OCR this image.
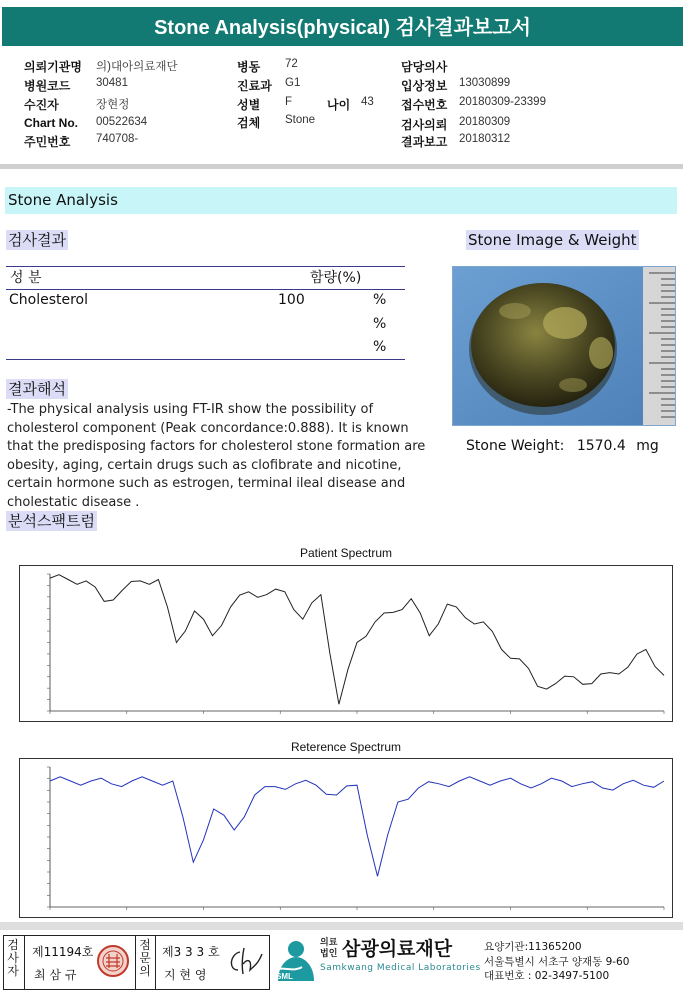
Stone Analysis(physical) 검사결과보고서
의뢰기관명 의)대아의료재단
병원코드 30481
수진자	장현정
Chart No. 00522634
주민번호 740708-
병동 72
진료과 G1
성별 F	나이 43
검체 Stone
담당의사
입상정보 13030899
접수번호 20180309-23399
검사의뢰 20180309
결과보고 20180312
Stone Analysis
검사결과
성 분	함량(%)
Cholesterol	100	%
%
%
Stone Image & Weight
Stone Weight: 1570.4 mg
결과해석
-The physical analysis using FT-IR show the possibility of cholesterol component (Peak concordance:0.888). It is known that the predisposing factors for cholesterol stone formation are obesity, aging, certain drugs such as clofibrate and nicotine, certain hormone such as estrogen, terminal ileal disease and cholestatic disease .
분석스팩트럼
Patient Spectrum
Reterence Spectrum
검사자
제11194호
최 삼 규
점문의
제3 3 3 호
지 현 영	SML
의료
법인 삼광의료재단
Samkwang Medical Laboratories
요양기관:11365200
서울특별시 서초구 양재동 9-60
대표번호 : 02-3497-5100
